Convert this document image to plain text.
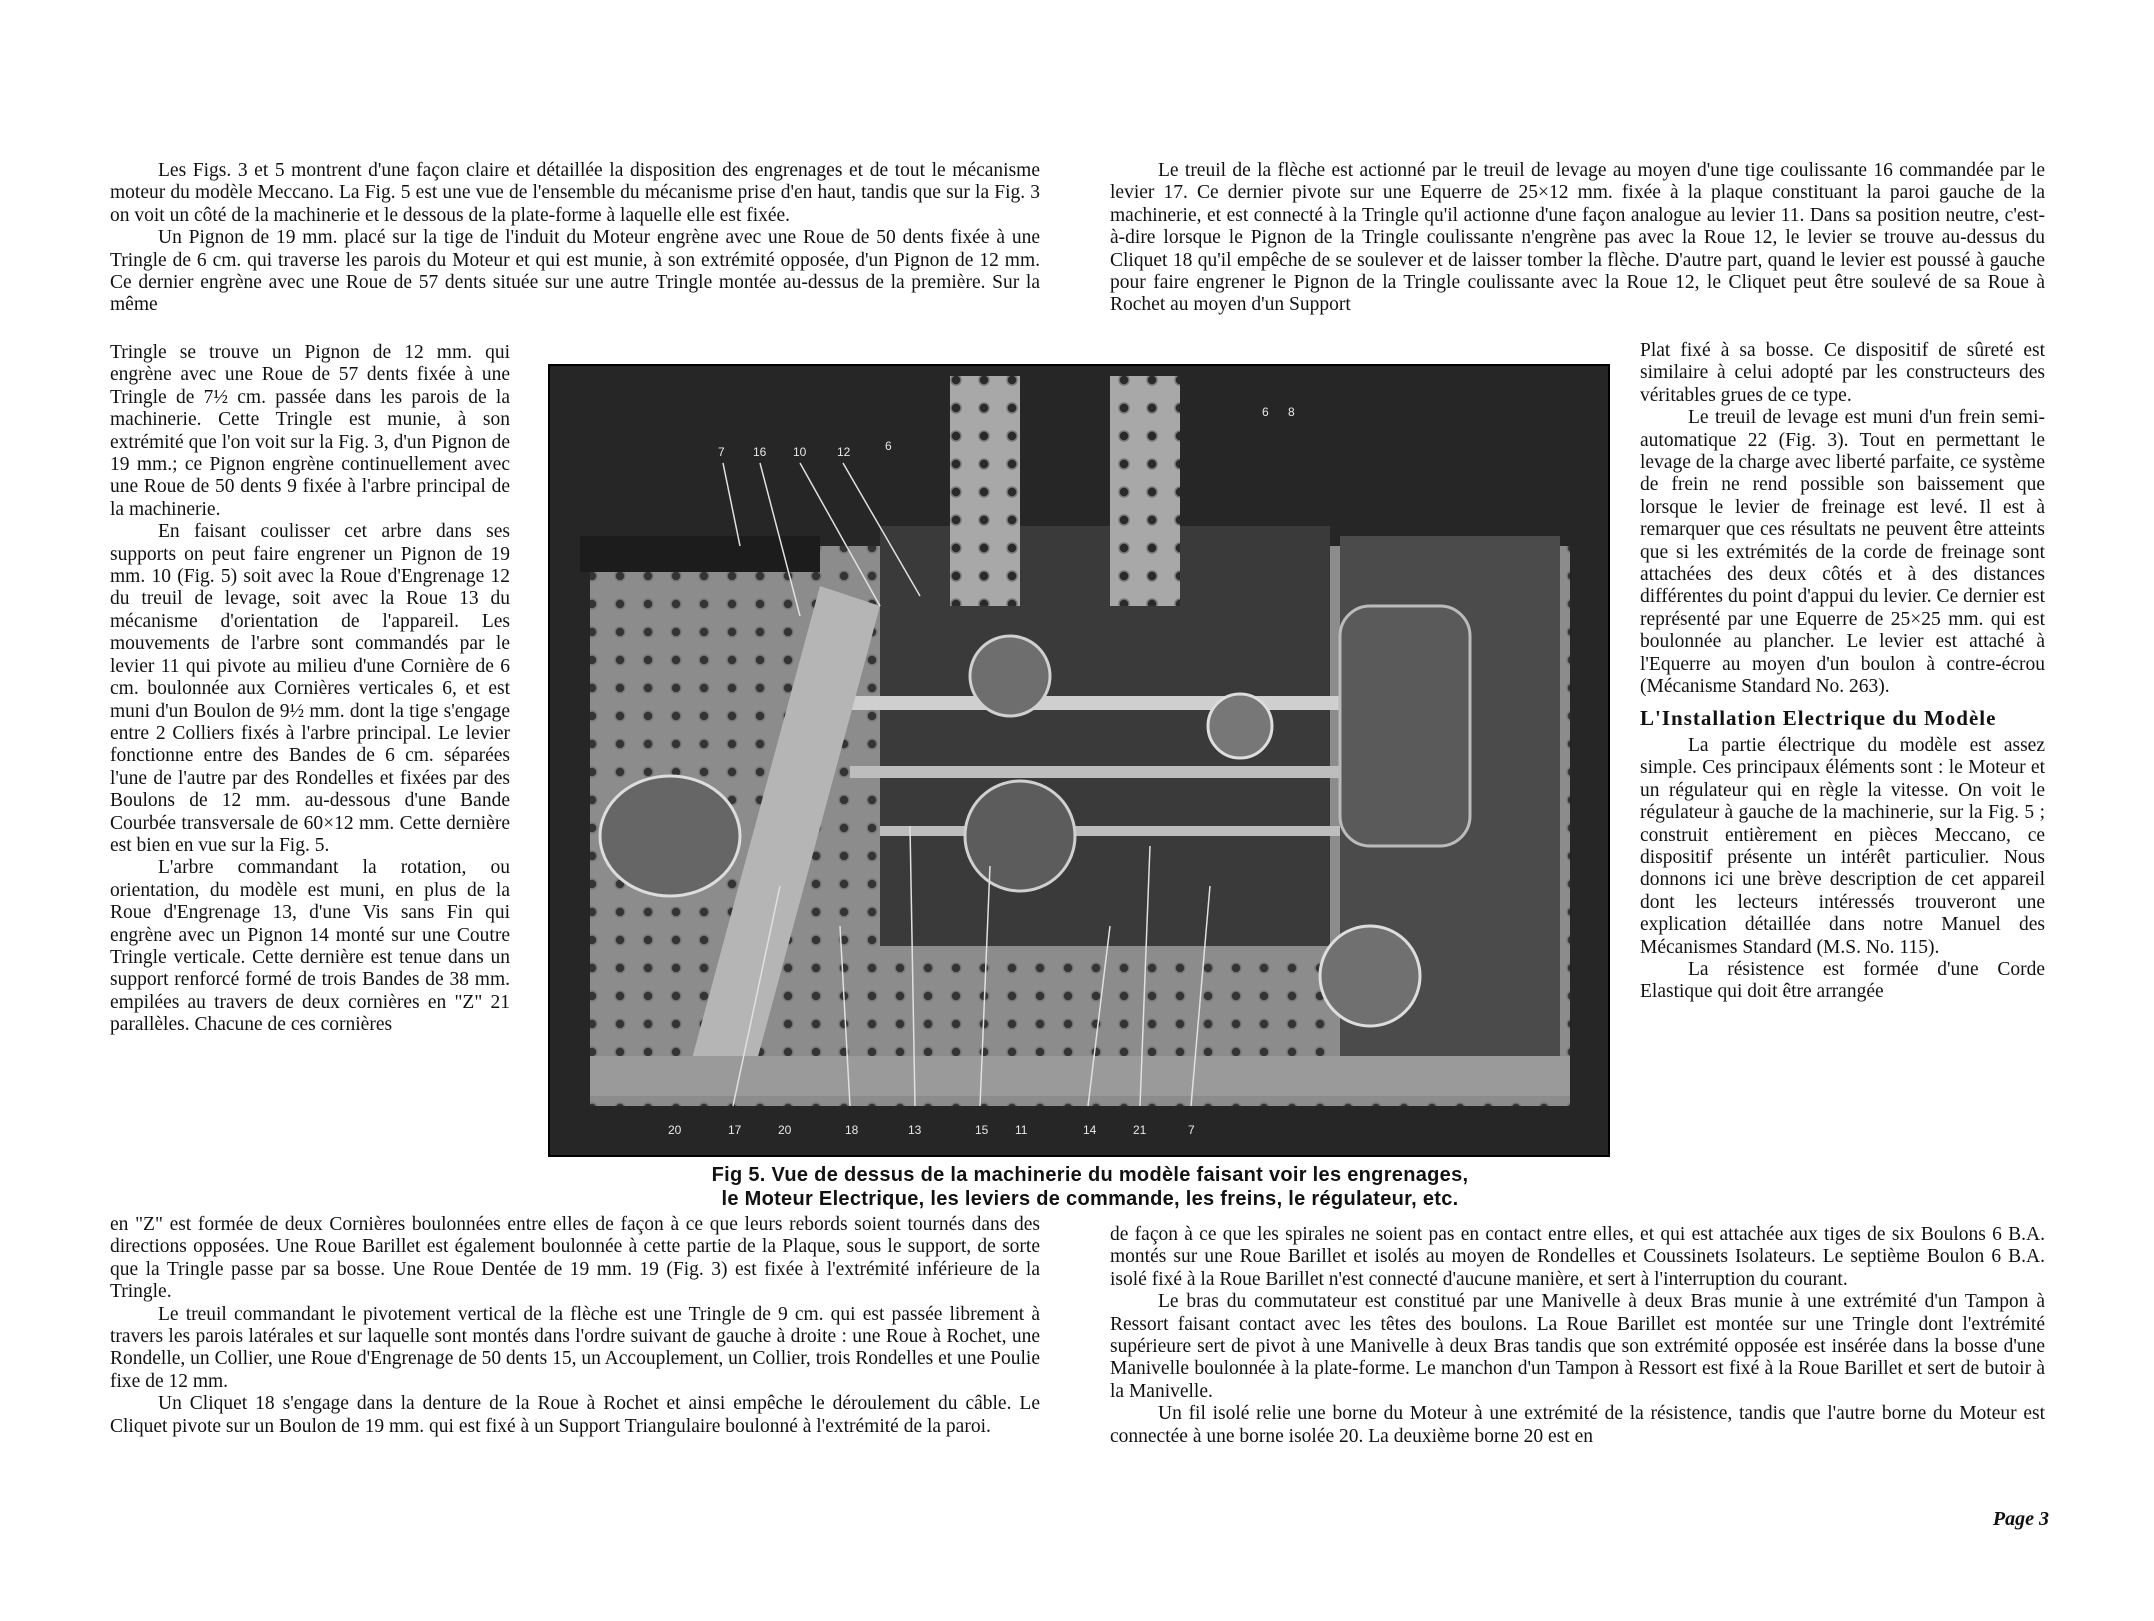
Les Figs. 3 et 5 montrent d'une façon claire et détaillée la disposition des engrenages et de tout le mécanisme moteur du modèle Meccano. La Fig. 5 est une vue de l'ensemble du mécanisme prise d'en haut, tandis que sur la Fig. 3 on voit un côté de la machinerie et le dessous de la plate-forme à laquelle elle est fixée.

Un Pignon de 19 mm. placé sur la tige de l'induit du Moteur engrène avec une Roue de 50 dents fixée à une Tringle de 6 cm. qui traverse les parois du Moteur et qui est munie, à son extrémité opposée, d'un Pignon de 12 mm. Ce dernier engrène avec une Roue de 57 dents située sur une autre Tringle montée au-dessus de la première. Sur la même

Tringle se trouve un Pignon de 12 mm. qui engrène avec une Roue de 57 dents fixée à une Tringle de 7½ cm. passée dans les parois de la machinerie. Cette Tringle est munie, à son extrémité que l'on voit sur la Fig. 3, d'un Pignon de 19 mm.; ce Pignon engrène continuellement avec une Roue de 50 dents 9 fixée à l'arbre principal de la machinerie.

En faisant coulisser cet arbre dans ses supports on peut faire engrener un Pignon de 19 mm. 10 (Fig. 5) soit avec la Roue d'Engrenage 12 du treuil de levage, soit avec la Roue 13 du mécanisme d'orientation de l'appareil. Les mouvements de l'arbre sont commandés par le levier 11 qui pivote au milieu d'une Cornière de 6 cm. boulonnée aux Cornières verticales 6, et est muni d'un Boulon de 9½ mm. dont la tige s'engage entre 2 Colliers fixés à l'arbre principal. Le levier fonctionne entre des Bandes de 6 cm. séparées l'une de l'autre par des Rondelles et fixées par des Boulons de 12 mm. au-dessous d'une Bande Courbée transversale de 60×12 mm. Cette dernière est bien en vue sur la Fig. 5.

L'arbre commandant la rotation, ou orientation, du modèle est muni, en plus de la Roue d'Engrenage 13, d'une Vis sans Fin qui engrène avec un Pignon 14 monté sur une Coutre Tringle verticale. Cette dernière est tenue dans un support renforcé formé de trois Bandes de 38 mm. empilées au travers de deux cornières en "Z" 21 parallèles. Chacune de ces cornières

en "Z" est formée de deux Cornières boulonnées entre elles de façon à ce que leurs rebords soient tournés dans des directions opposées. Une Roue Barillet est également boulonnée à cette partie de la Plaque, sous le support, de sorte que la Tringle passe par sa bosse. Une Roue Dentée de 19 mm. 19 (Fig. 3) est fixée à l'extrémité inférieure de la Tringle.

Le treuil commandant le pivotement vertical de la flèche est une Tringle de 9 cm. qui est passée librement à travers les parois latérales et sur laquelle sont montés dans l'ordre suivant de gauche à droite : une Roue à Rochet, une Rondelle, un Collier, une Roue d'Engrenage de 50 dents 15, un Accouplement, un Collier, trois Rondelles et une Poulie fixe de 12 mm.

Un Cliquet 18 s'engage dans la denture de la Roue à Rochet et ainsi empêche le déroulement du câble. Le Cliquet pivote sur un Boulon de 19 mm. qui est fixé à un Support Triangulaire boulonné à l'extrémité de la paroi.

Le treuil de la flèche est actionné par le treuil de levage au moyen d'une tige coulissante 16 commandée par le levier 17. Ce dernier pivote sur une Equerre de 25×12 mm. fixée à la plaque constituant la paroi gauche de la machinerie, et est connecté à la Tringle qu'il actionne d'une façon analogue au levier 11. Dans sa position neutre, c'est-à-dire lorsque le Pignon de la Tringle coulissante n'engrène pas avec la Roue 12, le levier se trouve au-dessus du Cliquet 18 qu'il empêche de se soulever et de laisser tomber la flèche. D'autre part, quand le levier est poussé à gauche pour faire engrener le Pignon de la Tringle coulissante avec la Roue 12, le Cliquet peut être soulevé de sa Roue à Rochet au moyen d'un Support

Plat fixé à sa bosse. Ce dispositif de sûreté est similaire à celui adopté par les constructeurs des véritables grues de ce type.

Le treuil de levage est muni d'un frein semi-automatique 22 (Fig. 3). Tout en permettant le levage de la charge avec liberté parfaite, ce système de frein ne rend possible son baissement que lorsque le levier de freinage est levé. Il est à remarquer que ces résultats ne peuvent être atteints que si les extrémités de la corde de freinage sont attachées des deux côtés et à des distances différentes du point d'appui du levier. Ce dernier est représenté par une Equerre de 25×25 mm. qui est boulonnée au plancher. Le levier est attaché à l'Equerre au moyen d'un boulon à contre-écrou (Mécanisme Standard No. 263).

L'Installation Electrique du Modèle

La partie électrique du modèle est assez simple. Ces principaux éléments sont : le Moteur et un régulateur qui en règle la vitesse. On voit le régulateur à gauche de la machinerie, sur la Fig. 5 ; construit entièrement en pièces Meccano, ce dispositif présente un intérêt particulier. Nous donnons ici une brève description de cet appareil dont les lecteurs intéressés trouveront une explication détaillée dans notre Manuel des Mécanismes Standard (M.S. No. 115).

La résistence est formée d'une Corde Elastique qui doit être arrangée

de façon à ce que les spirales ne soient pas en contact entre elles, et qui est attachée aux tiges de six Boulons 6 B.A. montés sur une Roue Barillet et isolés au moyen de Rondelles et Coussinets Isolateurs. Le septième Boulon 6 B.A. isolé fixé à la Roue Barillet n'est connecté d'aucune manière, et sert à l'interruption du courant.

Le bras du commutateur est constitué par une Manivelle à deux Bras munie à une extrémité d'un Tampon à Ressort faisant contact avec les têtes des boulons. La Roue Barillet est montée sur une Tringle dont l'extrémité supérieure sert de pivot à une Manivelle à deux Bras tandis que son extrémité opposée est insérée dans la bosse d'une Manivelle boulonnée à la plate-forme. Le manchon d'un Tampon à Ressort est fixé à la Roue Barillet et sert de butoir à la Manivelle.

Un fil isolé relie une borne du Moteur à une extrémité de la résistence, tandis que l'autre borne du Moteur est connectée à une borne isolée 20. La deuxième borne 20 est en

7 16 10	12	6
6 8
20	17	20	18	13	15 11	14	21	7
Fig 5. Vue de dessus de la machinerie du modèle faisant voir les engrenages,
le Moteur Electrique, les leviers de commande, les freins, le régulateur, etc.
Page 3
